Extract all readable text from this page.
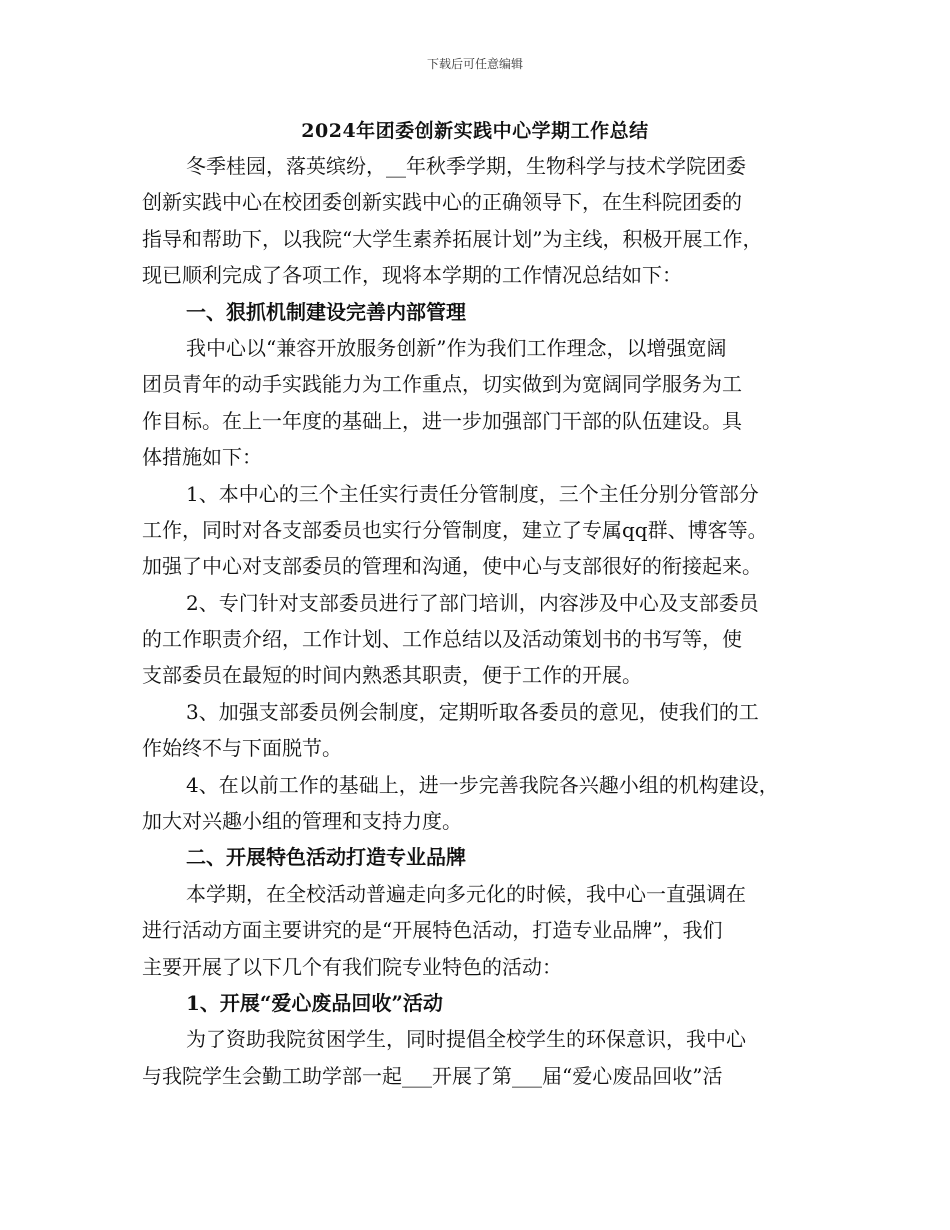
下载后可任意编辑
2024年团委创新实践中心学期工作总结
冬季桂园，落英缤纷，__年秋季学期，生物科学与技术学院团委
创新实践中心在校团委创新实践中心的正确领导下，在生科院团委的
指导和帮助下，以我院“大学生素养拓展计划”为主线，积极开展工作，
现已顺利完成了各项工作，现将本学期的工作情况总结如下：
一、狠抓机制建设完善内部管理
我中心以“兼容开放服务创新”作为我们工作理念，以增强宽阔
团员青年的动手实践能力为工作重点，切实做到为宽阔同学服务为工
作目标。在上一年度的基础上，进一步加强部门干部的队伍建设。具
体措施如下：
1、本中心的三个主任实行责任分管制度，三个主任分别分管部分
工作，同时对各支部委员也实行分管制度，建立了专属qq群、博客等。
加强了中心对支部委员的管理和沟通，使中心与支部很好的衔接起来。
2、专门针对支部委员进行了部门培训，内容涉及中心及支部委员
的工作职责介绍，工作计划、工作总结以及活动策划书的书写等，使
支部委员在最短的时间内熟悉其职责，便于工作的开展。
3、加强支部委员例会制度，定期听取各委员的意见，使我们的工
作始终不与下面脱节。
4、在以前工作的基础上，进一步完善我院各兴趣小组的机构建设，
加大对兴趣小组的管理和支持力度。
二、开展特色活动打造专业品牌
本学期，在全校活动普遍走向多元化的时候，我中心一直强调在
进行活动方面主要讲究的是“开展特色活动，打造专业品牌”，我们
主要开展了以下几个有我们院专业特色的活动：
1、开展“爱心废品回收”活动
为了资助我院贫困学生，同时提倡全校学生的环保意识，我中心
与我院学生会勤工助学部一起___开展了第___届“爱心废品回收”活
